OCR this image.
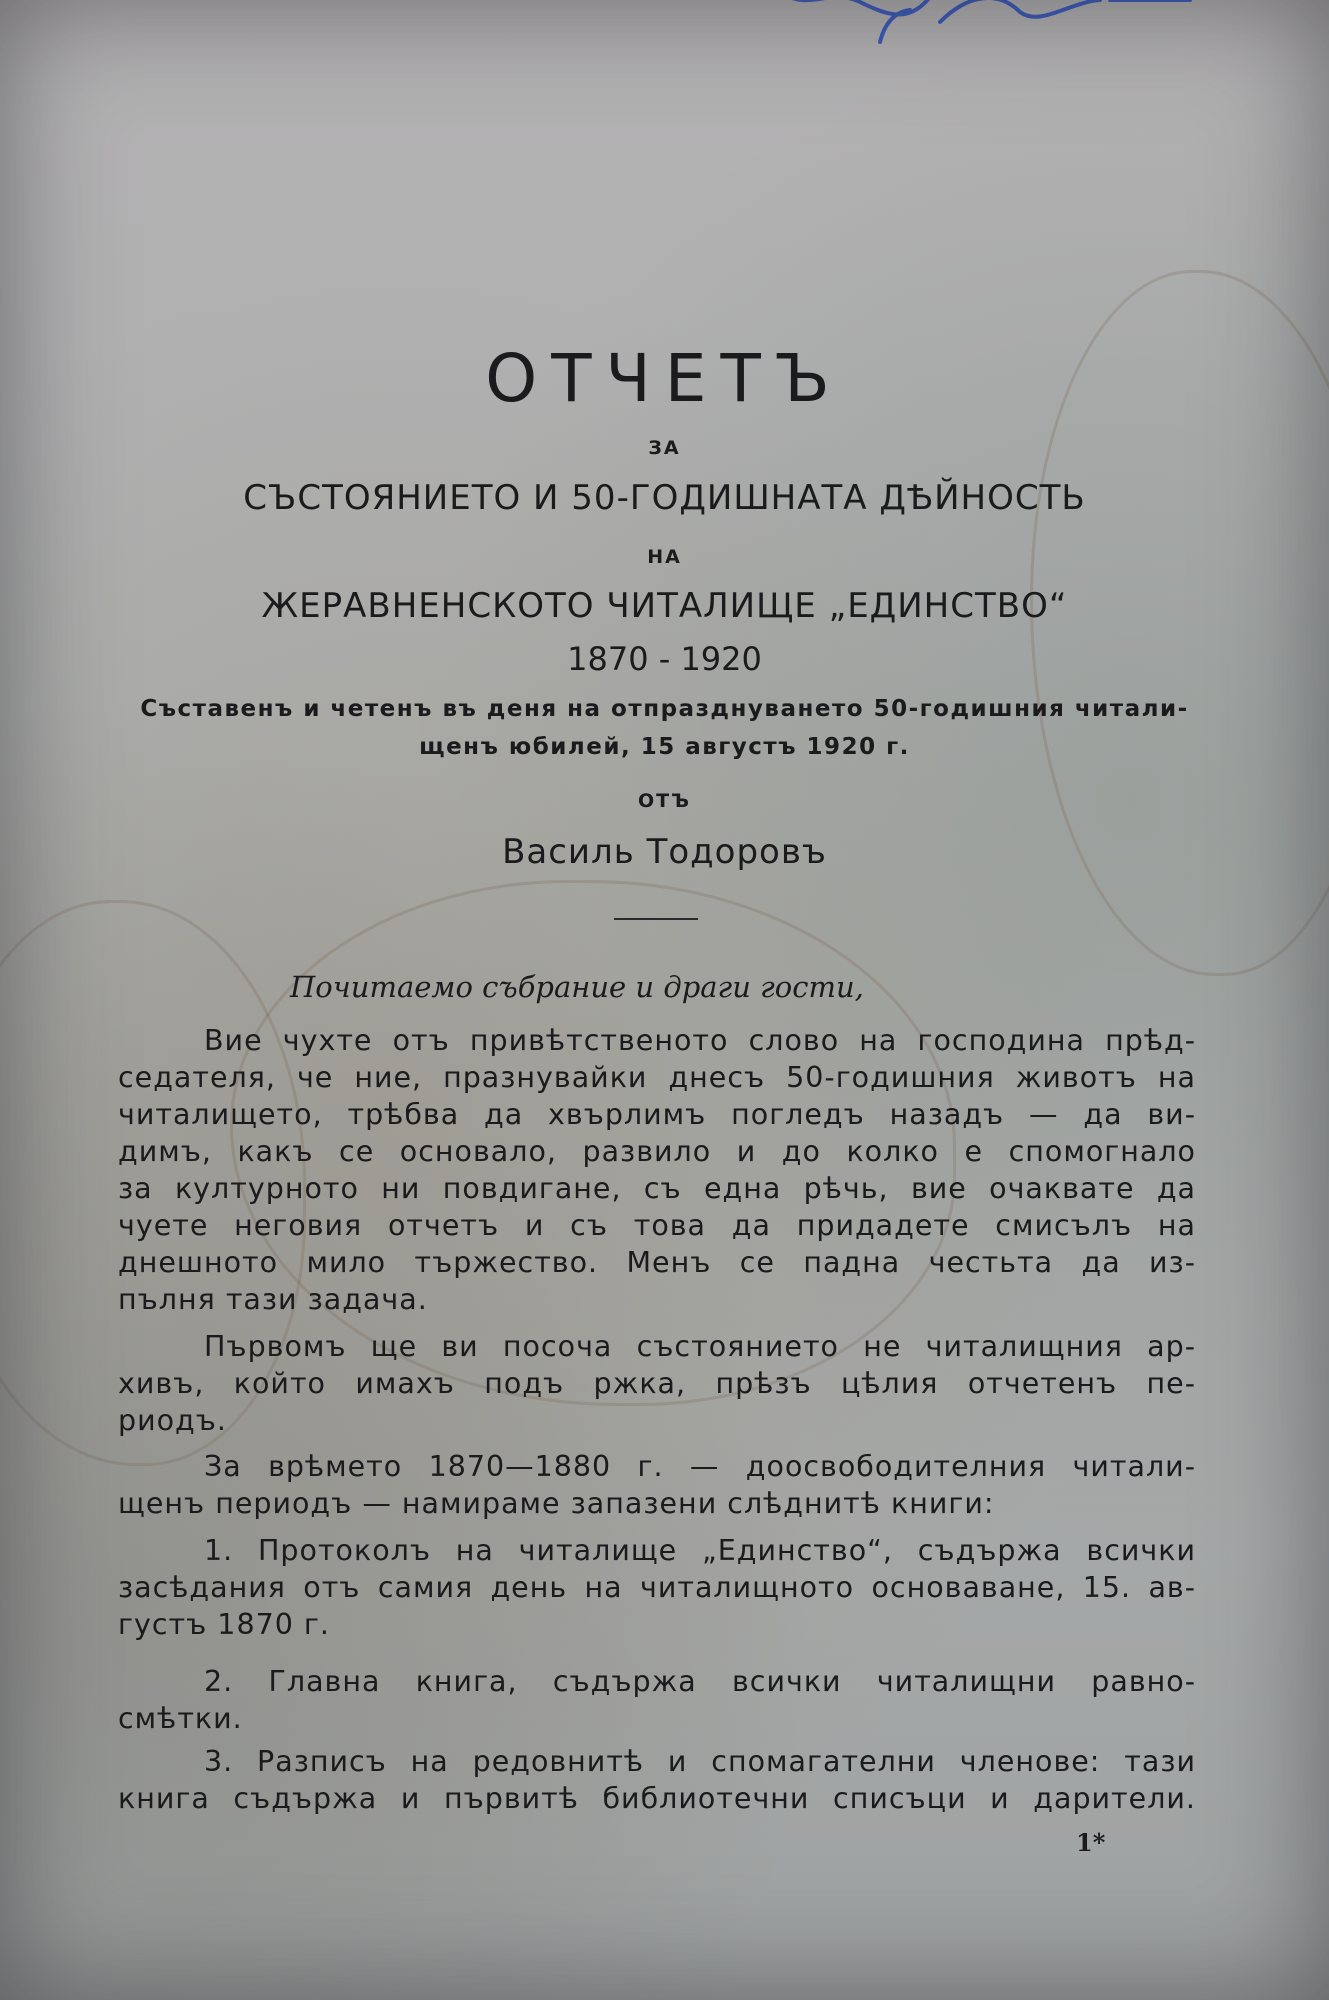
ОТЧЕТЪ
ЗА
СЪСТОЯНИЕТО И 50-ГОДИШНАТА ДѢЙНОСТЬ
НА
ЖЕРАВНЕНСКОТО ЧИТАЛИЩЕ „ЕДИНСТВО“
1870 - 1920
Съставенъ и четенъ въ деня на отпразднуването 50-годишния читали-
щенъ юбилей, 15 августъ 1920 г.
ОТЪ
Василь Тодоровъ
Почитаемо събрание и драги гости,
Вие чухте отъ привѣтственото слово на господина прѣд-
седателя, че ние, празнувайки днесъ 50-годишния животъ на
читалището, трѣбва да хвърлимъ погледъ назадъ — да ви-
димъ, какъ се основало, развило и до колко е спомогнало
за културното ни повдигане, съ една рѣчь, вие очаквате да
чуете неговия отчетъ и съ това да придадете смисълъ на
днешното мило тържество. Менъ се падна честьта да из-
пълня тази задача.
Първомъ ще ви посоча състоянието не читалищния ар-
хивъ, който имахъ подъ ржка, прѣзъ цѣлия отчетенъ пе-
риодъ.
За врѣмето 1870—1880 г. — доосвободителния читали-
щенъ периодъ — намираме запазени слѣднитѣ книги:
1. Протоколъ на читалище „Единство“, съдържа всички
засѣдания отъ самия день на читалищното основаване, 15. ав-
густъ 1870 г.
2. Главна книга, съдържа всички читалищни равно-
смѣтки.
3. Разписъ на редовнитѣ и спомагателни членове: тази
книга съдържа и първитѣ библиотечни списъци и дарители.
1*
